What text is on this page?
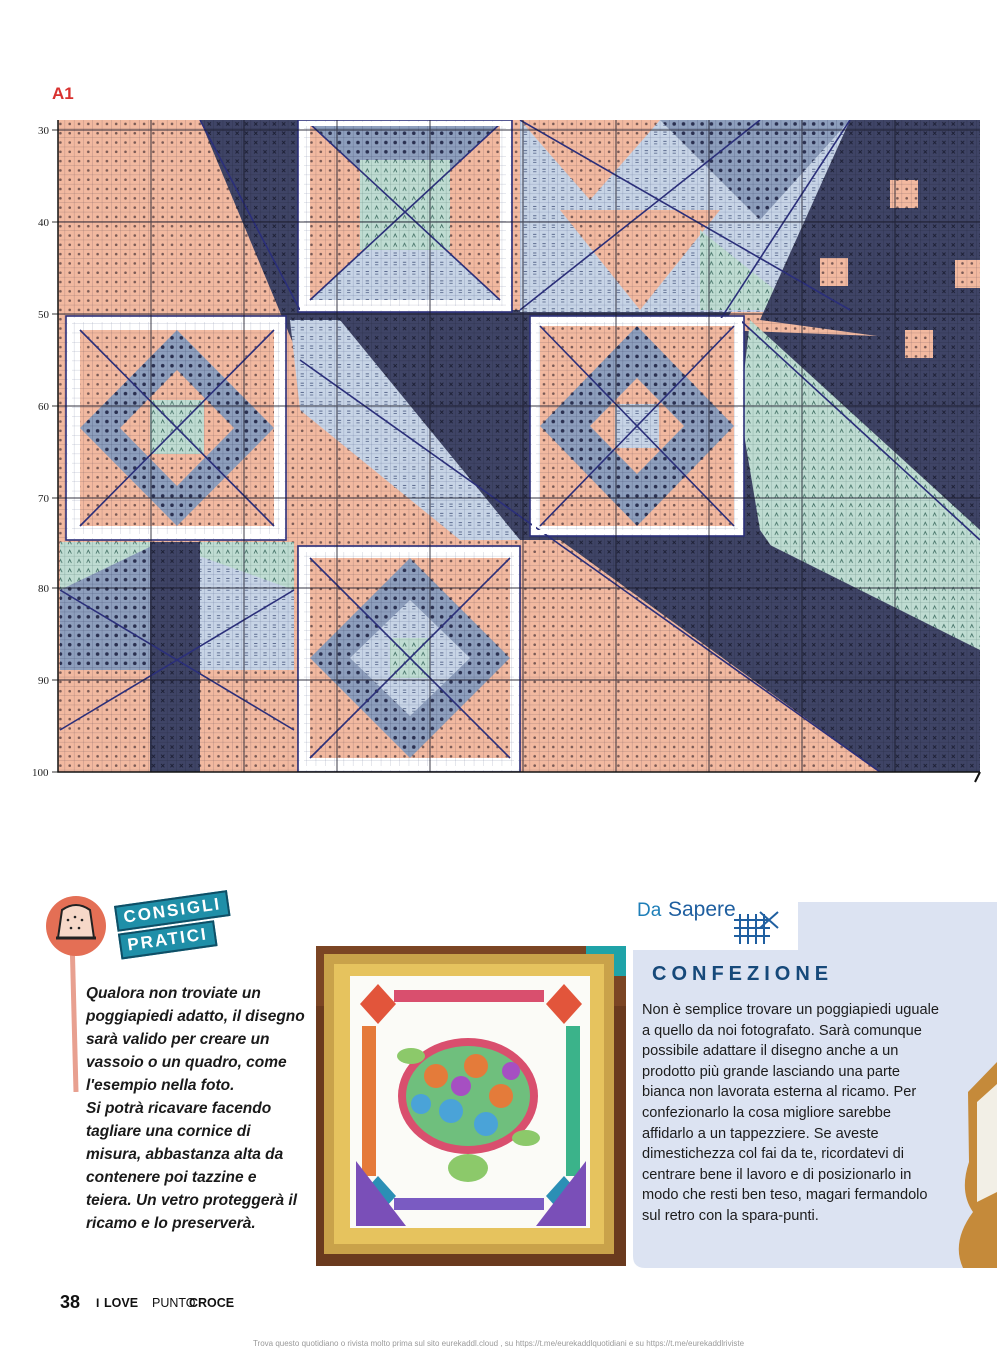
A1
30
40
50
60
70
80
90
100
CONSIGLI
PRATICI

Qualora non troviate un poggiapiedi adatto, il disegno sarà valido per creare un vassoio o un quadro, come l'esempio nella foto.

Si potrà ricavare facendo tagliare una cornice di misura, abbastanza alta da contenere poi tazzine e teiera. Un vetro proteggerà il ricamo e lo preserverà.

Da Sapere
CONFEZIONE
Non è semplice trovare un poggiapiedi uguale a quello da noi fotografato. Sarà comunque possibile adattare il disegno anche a un prodotto più grande lasciando una parte bianca non lavorata esterna al ricamo. Per confezionarlo la cosa migliore sarebbe affidarlo a un tappezziere. Se aveste dimestichezza col fai da te, ricordatevi di centrare bene il lavoro e di posizionarlo in modo che resti ben teso, magari fermandolo sul retro con la spara-punti.
38 I LOVE PUNTO
CROCE
Trova questo quotidiano o rivista molto prima sul sito eurekaddl.cloud , su https://t.me/eurekaddlquotidiani e su https://t.me/eurekaddlriviste
